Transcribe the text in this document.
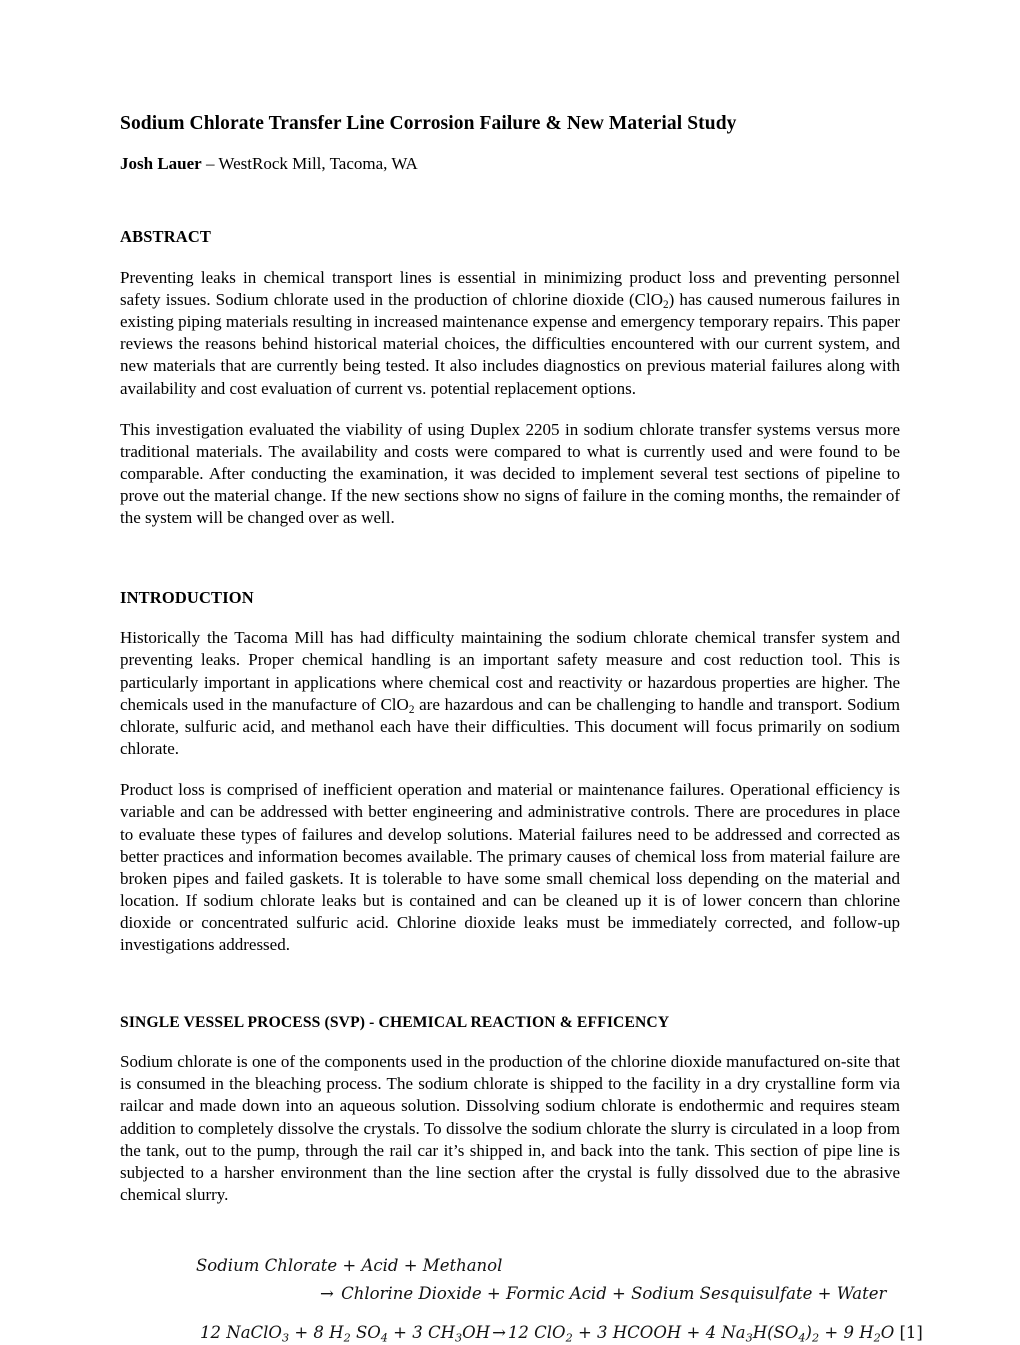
Sodium Chlorate Transfer Line Corrosion Failure & New Material Study
Josh Lauer – WestRock Mill, Tacoma, WA
ABSTRACT

Preventing leaks in chemical transport lines is essential in minimizing product loss and preventing personnel safety issues. Sodium chlorate used in the production of chlorine dioxide (ClO$_2$) has caused numerous failures in existing piping materials resulting in increased maintenance expense and emergency temporary repairs. This paper reviews the reasons behind historical material choices, the difficulties encountered with our current system, and new materials that are currently being tested. It also includes diagnostics on previous material failures along with availability and cost evaluation of current vs. potential replacement options.

This investigation evaluated the viability of using Duplex 2205 in sodium chlorate transfer systems versus more traditional materials. The availability and costs were compared to what is currently used and were found to be comparable. After conducting the examination, it was decided to implement several test sections of pipeline to prove out the material change. If the new sections show no signs of failure in the coming months, the remainder of the system will be changed over as well.

INTRODUCTION

Historically the Tacoma Mill has had difficulty maintaining the sodium chlorate chemical transfer system and preventing leaks. Proper chemical handling is an important safety measure and cost reduction tool. This is particularly important in applications where chemical cost and reactivity or hazardous properties are higher. The chemicals used in the manufacture of ClO$_2$ are hazardous and can be challenging to handle and transport. Sodium chlorate, sulfuric acid, and methanol each have their difficulties. This document will focus primarily on sodium chlorate.

Product loss is comprised of inefficient operation and material or maintenance failures. Operational efficiency is variable and can be addressed with better engineering and administrative controls. There are procedures in place to evaluate these types of failures and develop solutions. Material failures need to be addressed and corrected as better practices and information becomes available. The primary causes of chemical loss from material failure are broken pipes and failed gaskets. It is tolerable to have some small chemical loss depending on the material and location. If sodium chlorate leaks but is contained and can be cleaned up it is of lower concern than chlorine dioxide or concentrated sulfuric acid. Chlorine dioxide leaks must be immediately corrected, and follow-up investigations addressed.

SINGLE VESSEL PROCESS (SVP) - CHEMICAL REACTION & EFFICENCY

Sodium chlorate is one of the components used in the production of the chlorine dioxide manufactured on-site that is consumed in the bleaching process. The sodium chlorate is shipped to the facility in a dry crystalline form via railcar and made down into an aqueous solution. Dissolving sodium chlorate is endothermic and requires steam addition to completely dissolve the crystals. To dissolve the sodium chlorate the slurry is circulated in a loop from the tank, out to the pump, through the rail car it’s shipped in, and back into the tank. This section of pipe line is subjected to a harsher environment than the line section after the crystal is fully dissolved due to the abrasive chemical slurry.

Sodium Chlorate + Acid + Methanol
→ Chlorine Dioxide + Formic Acid + Sodium Sesquisulfate + Water
12 NaClO$_3$ + 8 $H_2$ $SO_4 + 3$ $CH_3OH\to 12$ ClO$_2$ + 3 HCOOH + 4 $Na_3H(SO_4)_2 + 9$ $H_2O$ [1]
